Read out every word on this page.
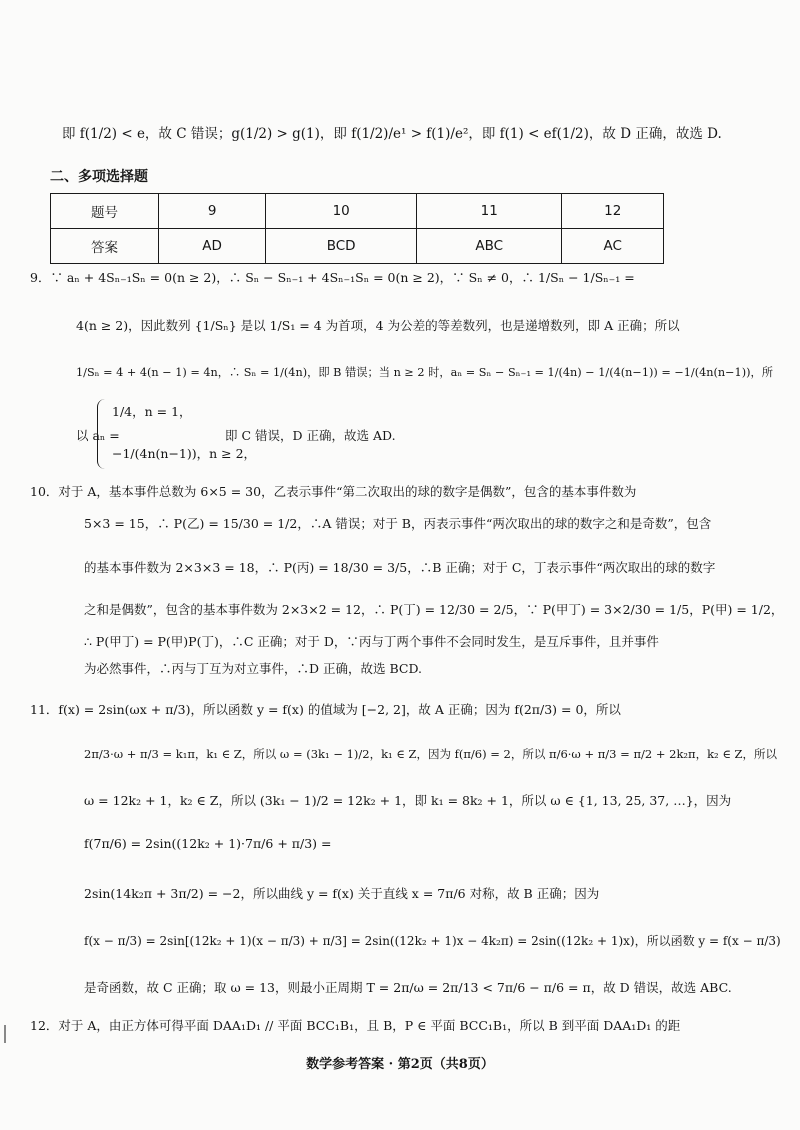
即 f(1/2) < e，故 C 错误；g(1/2) > g(1)，即 f(1/2)/e¹ > f(1)/e²，即 f(1) < ef(1/2)，故 D 正确，故选 D.
二、多项选择题
题号	9	10	11	12
答案	AD	BCD	ABC	AC
9．∵ aₙ + 4Sₙ₋₁Sₙ = 0(n ≥ 2)，∴ Sₙ − Sₙ₋₁ + 4Sₙ₋₁Sₙ = 0(n ≥ 2)，∵ Sₙ ≠ 0，∴ 1/Sₙ − 1/Sₙ₋₁ =
4(n ≥ 2)，因此数列 {1/Sₙ} 是以 1/S₁ = 4 为首项，4 为公差的等差数列，也是递增数列，即 A 正确；所以
1/Sₙ = 4 + 4(n − 1) = 4n，∴ Sₙ = 1/(4n)，即 B 错误；当 n ≥ 2 时，aₙ = Sₙ − Sₙ₋₁ = 1/(4n) − 1/(4(n−1)) = −1/(4n(n−1))，所
以 aₙ =
1/4，n = 1，
−1/(4n(n−1))，n ≥ 2，
即 C 错误，D 正确，故选 AD.
10．对于 A，基本事件总数为 6×5 = 30，乙表示事件“第二次取出的球的数字是偶数”，包含的基本事件数为
5×3 = 15，∴ P(乙) = 15/30 = 1/2，∴A 错误；对于 B，丙表示事件“两次取出的球的数字之和是奇数”，包含
的基本事件数为 2×3×3 = 18，∴ P(丙) = 18/30 = 3/5，∴B 正确；对于 C，丁表示事件“两次取出的球的数字
之和是偶数”，包含的基本事件数为 2×3×2 = 12，∴ P(丁) = 12/30 = 2/5，∵ P(甲丁) = 3×2/30 = 1/5，P(甲) = 1/2，
∴ P(甲丁) = P(甲)P(丁)，∴C 正确；对于 D，∵丙与丁两个事件不会同时发生，是互斥事件，且并事件
为必然事件，∴丙与丁互为对立事件，∴D 正确，故选 BCD.
11．f(x) = 2sin(ωx + π/3)，所以函数 y = f(x) 的值域为 [−2, 2]，故 A 正确；因为 f(2π/3) = 0，所以
2π/3·ω + π/3 = k₁π，k₁ ∈ Z，所以 ω = (3k₁ − 1)/2，k₁ ∈ Z，因为 f(π/6) = 2，所以 π/6·ω + π/3 = π/2 + 2k₂π，k₂ ∈ Z，所以
ω = 12k₂ + 1，k₂ ∈ Z，所以 (3k₁ − 1)/2 = 12k₂ + 1，即 k₁ = 8k₂ + 1，所以 ω ∈ {1, 13, 25, 37, …}，因为
f(7π/6) = 2sin((12k₂ + 1)·7π/6 + π/3) =
2sin(14k₂π + 3π/2) = −2，所以曲线 y = f(x) 关于直线 x = 7π/6 对称，故 B 正确；因为
f(x − π/3) = 2sin[(12k₂ + 1)(x − π/3) + π/3] = 2sin((12k₂ + 1)x − 4k₂π) = 2sin((12k₂ + 1)x)，所以函数 y = f(x − π/3)
是奇函数，故 C 正确；取 ω = 13，则最小正周期 T = 2π/ω = 2π/13 < 7π/6 − π/6 = π，故 D 错误，故选 ABC.
12．对于 A，由正方体可得平面 DAA₁D₁ // 平面 BCC₁B₁，且 B，P ∈ 平面 BCC₁B₁，所以 B 到平面 DAA₁D₁ 的距
数学参考答案 · 第2页（共8页）
